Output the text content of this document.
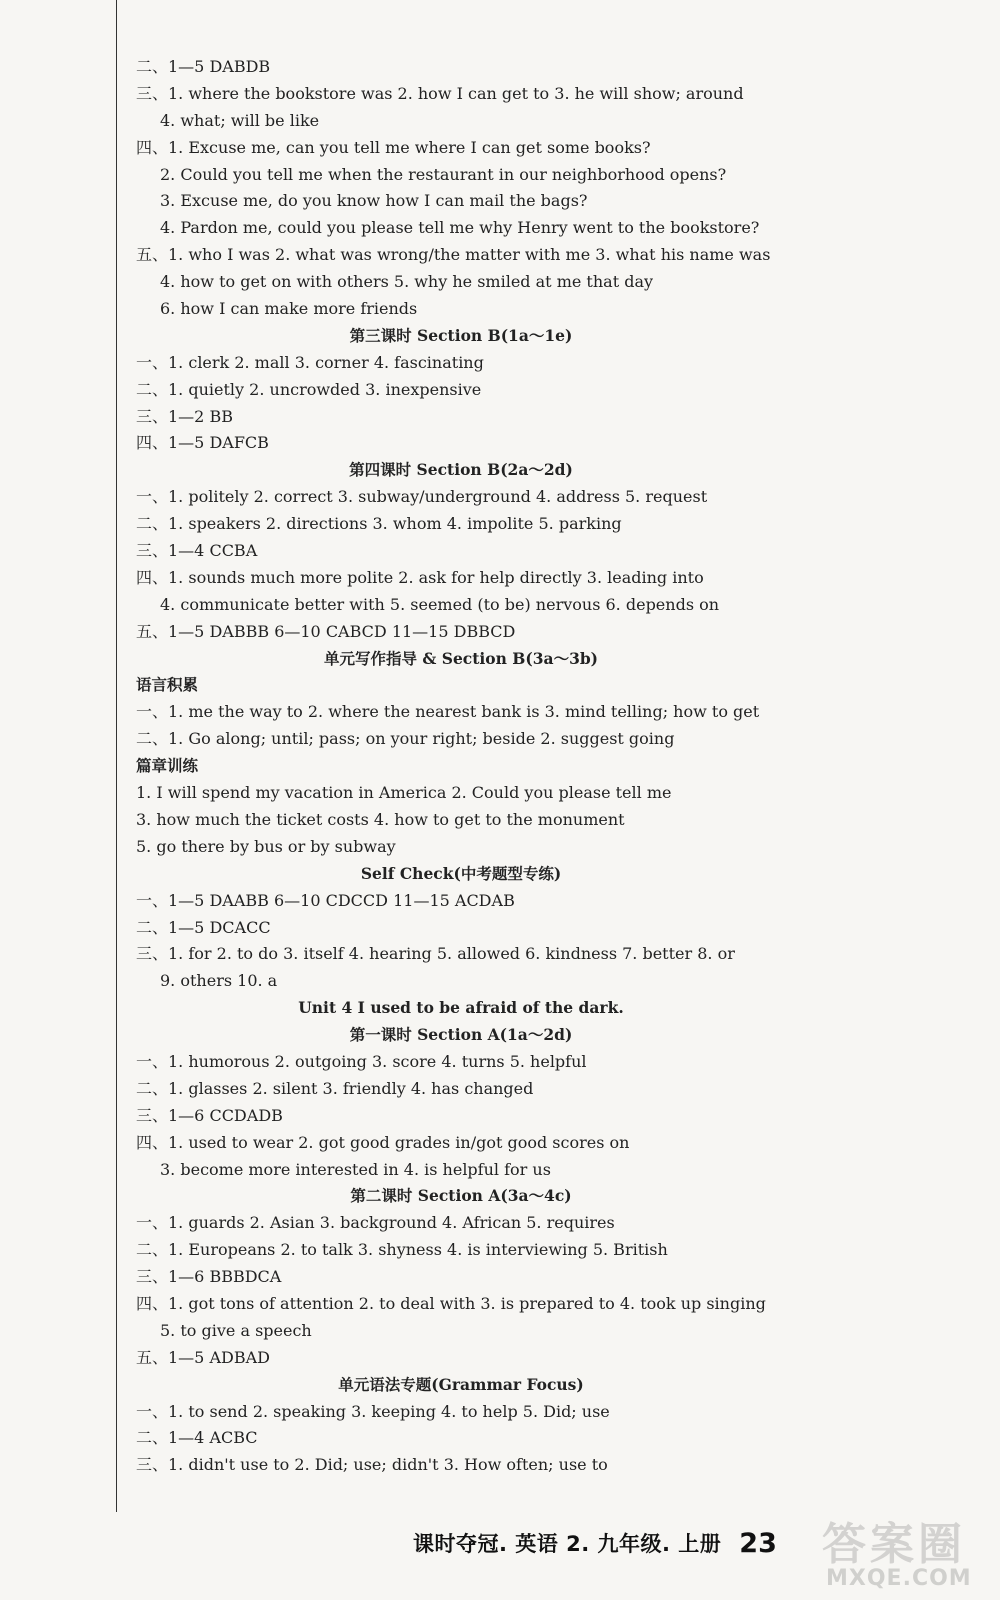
二、1—5 DABDB
三、1. where the bookstore was 2. how I can get to 3. he will show; around
4. what; will be like
四、1. Excuse me, can you tell me where I can get some books?
2. Could you tell me when the restaurant in our neighborhood opens?
3. Excuse me, do you know how I can mail the bags?
4. Pardon me, could you please tell me why Henry went to the bookstore?
五、1. who I was 2. what was wrong/the matter with me 3. what his name was
4. how to get on with others 5. why he smiled at me that day
6. how I can make more friends
第三课时 Section B(1a～1e)
一、1. clerk 2. mall 3. corner 4. fascinating
二、1. quietly 2. uncrowded 3. inexpensive
三、1—2 BB
四、1—5 DAFCB
第四课时 Section B(2a～2d)
一、1. politely 2. correct 3. subway/underground 4. address 5. request
二、1. speakers 2. directions 3. whom 4. impolite 5. parking
三、1—4 CCBA
四、1. sounds much more polite 2. ask for help directly 3. leading into
4. communicate better with 5. seemed (to be) nervous 6. depends on
五、1—5 DABBB 6—10 CABCD 11—15 DBBCD
单元写作指导 & Section B(3a～3b)
语言积累
一、1. me the way to 2. where the nearest bank is 3. mind telling; how to get
二、1. Go along; until; pass; on your right; beside 2. suggest going
篇章训练
1. I will spend my vacation in America 2. Could you please tell me
3. how much the ticket costs 4. how to get to the monument
5. go there by bus or by subway
Self Check(中考题型专练)
一、1—5 DAABB 6—10 CDCCD 11—15 ACDAB
二、1—5 DCACC
三、1. for 2. to do 3. itself 4. hearing 5. allowed 6. kindness 7. better 8. or
9. others 10. a
Unit 4 I used to be afraid of the dark.
第一课时 Section A(1a～2d)
一、1. humorous 2. outgoing 3. score 4. turns 5. helpful
二、1. glasses 2. silent 3. friendly 4. has changed
三、1—6 CCDADB
四、1. used to wear 2. got good grades in/got good scores on
3. become more interested in 4. is helpful for us
第二课时 Section A(3a～4c)
一、1. guards 2. Asian 3. background 4. African 5. requires
二、1. Europeans 2. to talk 3. shyness 4. is interviewing 5. British
三、1—6 BBBDCA
四、1. got tons of attention 2. to deal with 3. is prepared to 4. took up singing
5. to give a speech
五、1—5 ADBAD
单元语法专题(Grammar Focus)
一、1. to send 2. speaking 3. keeping 4. to help 5. Did; use
二、1—4 ACBC
三、1. didn't use to 2. Did; use; didn't 3. How often; use to
课时夺冠. 英语 2. 九年级. 上册 23 答案圈
MXQE.COM
